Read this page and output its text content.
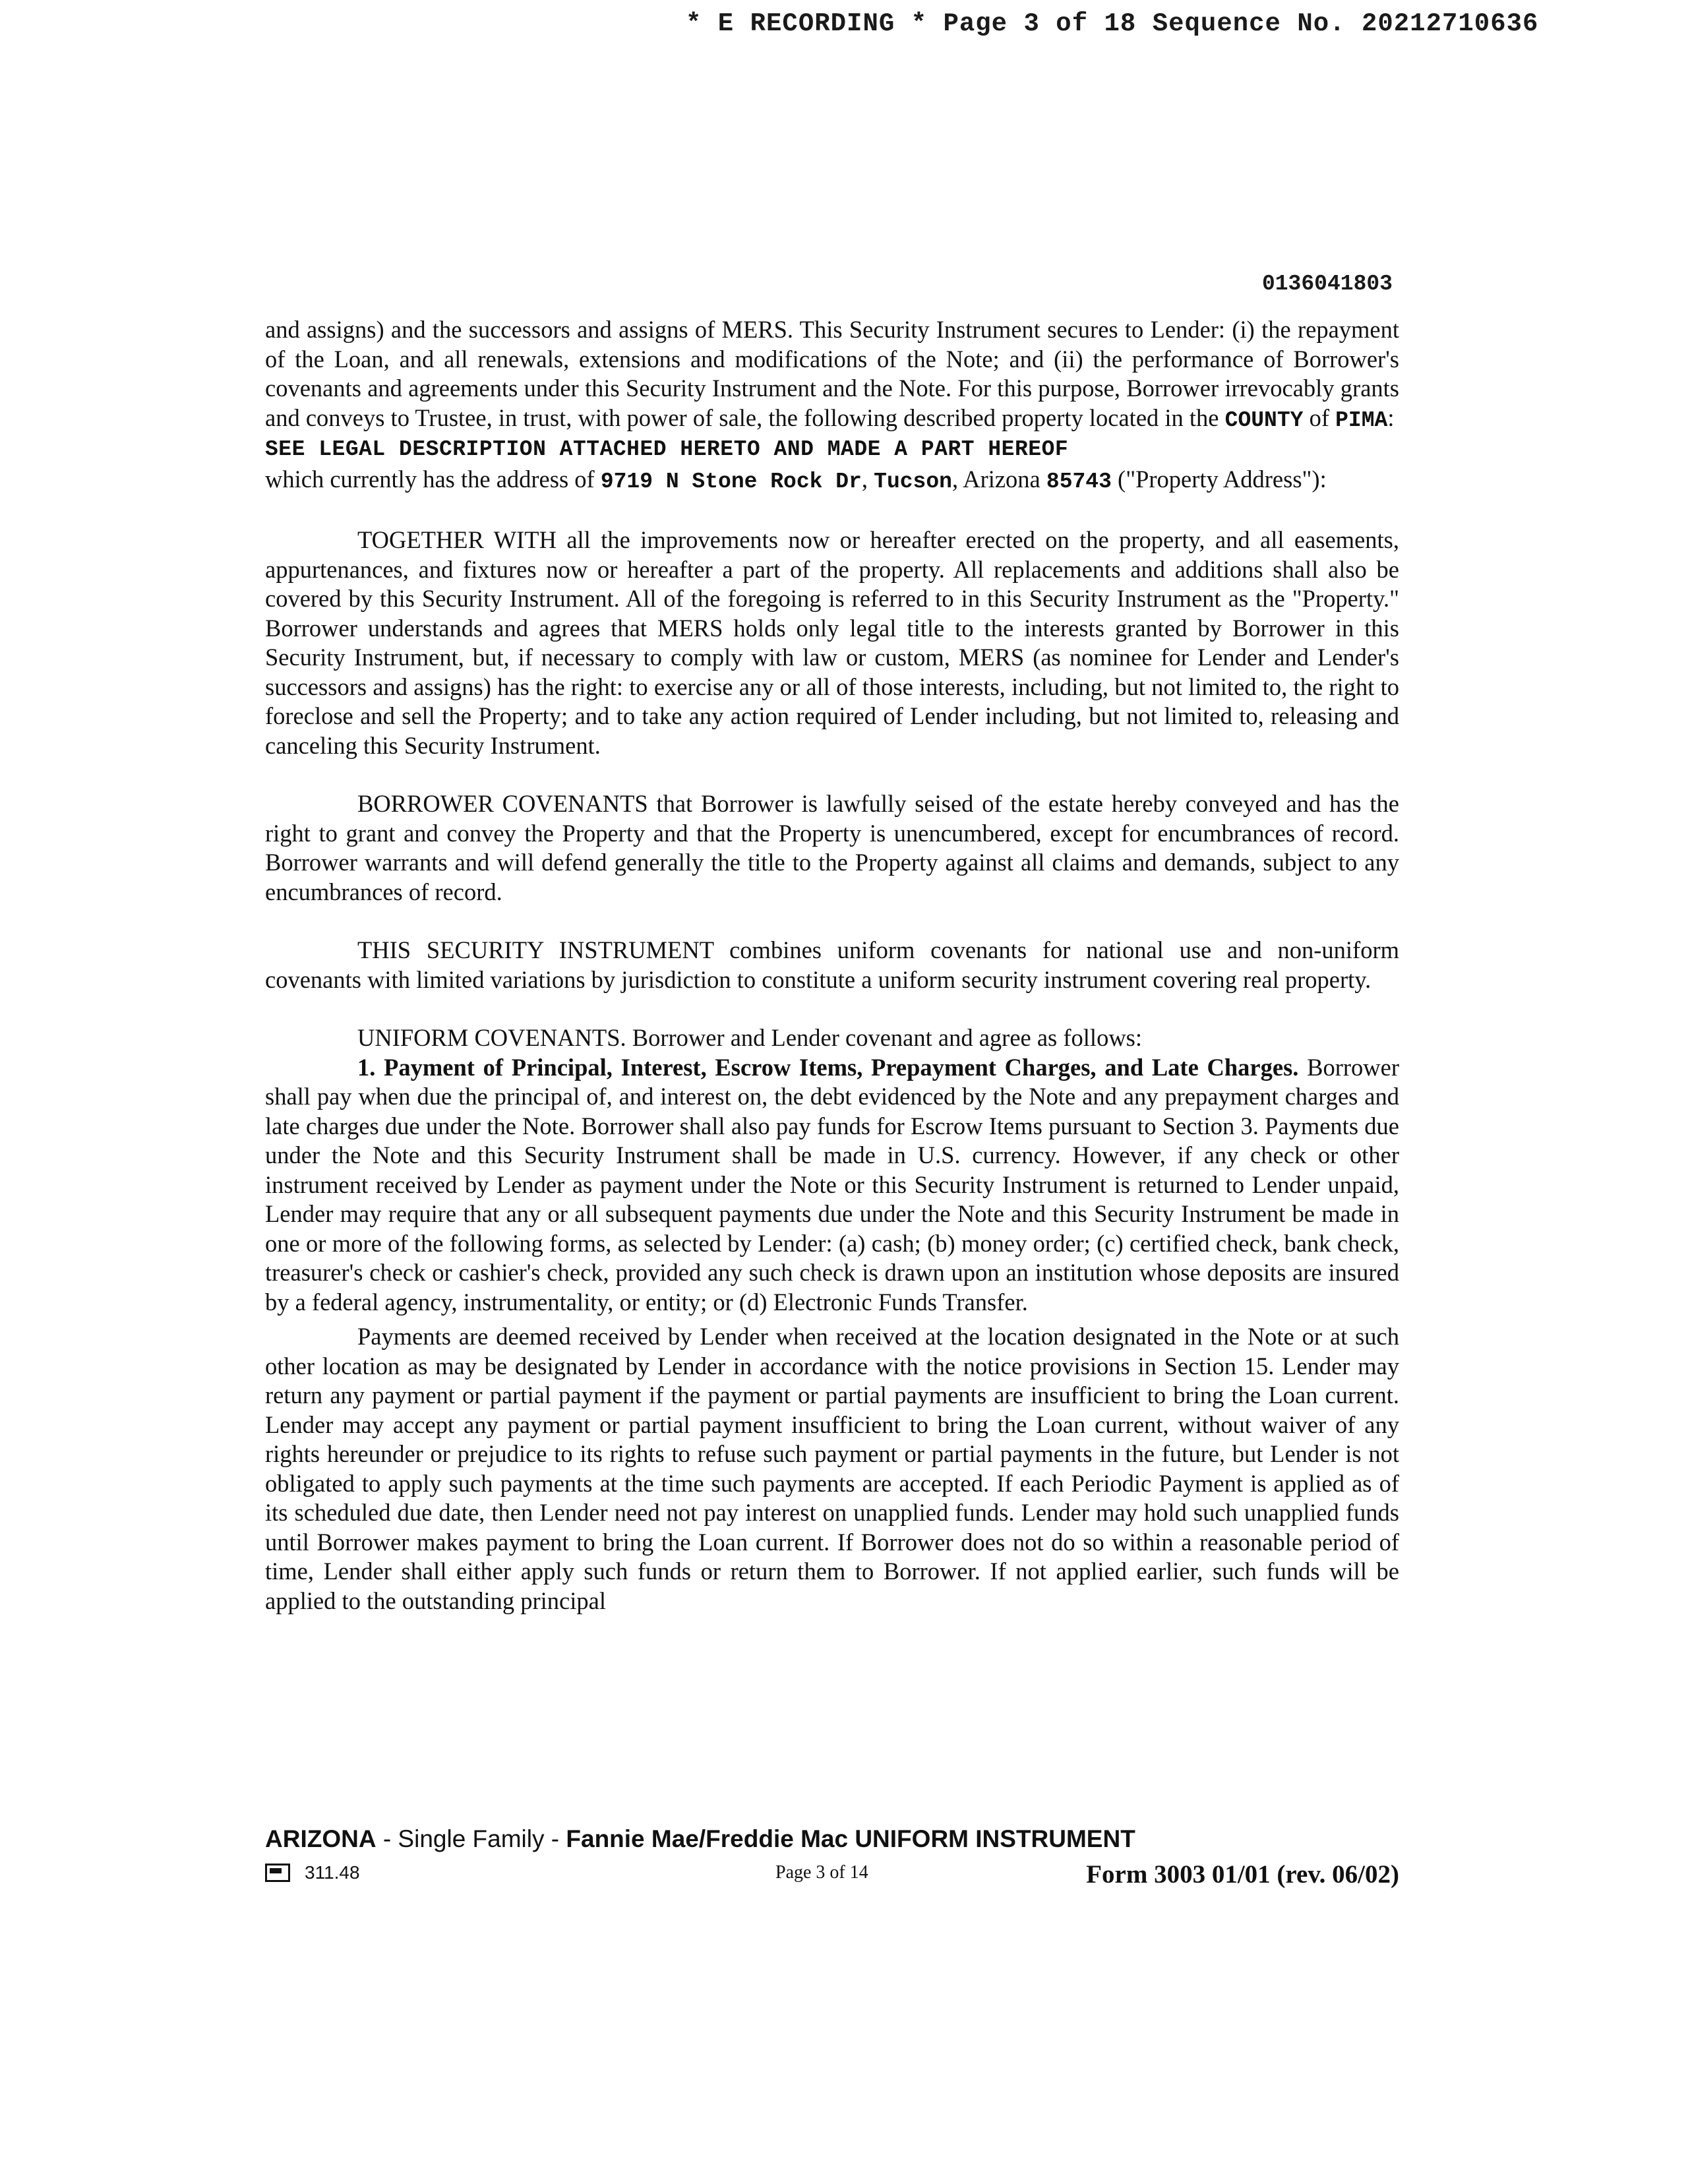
* E RECORDING * Page 3 of 18 Sequence No. 20212710636
0136041803

and assigns) and the successors and assigns of MERS. This Security Instrument secures to Lender: (i) the repayment of the Loan, and all renewals, extensions and modifications of the Note; and (ii) the performance of Borrower's covenants and agreements under this Security Instrument and the Note. For this purpose, Borrower irrevocably grants and conveys to Trustee, in trust, with power of sale, the following described property located in the COUNTY of PIMA:

SEE LEGAL DESCRIPTION ATTACHED HERETO AND MADE A PART HEREOF

which currently has the address of 9719 N Stone Rock Dr, Tucson, Arizona 85743 ("Property Address"):

TOGETHER WITH all the improvements now or hereafter erected on the property, and all easements, appurtenances, and fixtures now or hereafter a part of the property. All replacements and additions shall also be covered by this Security Instrument. All of the foregoing is referred to in this Security Instrument as the "Property." Borrower understands and agrees that MERS holds only legal title to the interests granted by Borrower in this Security Instrument, but, if necessary to comply with law or custom, MERS (as nominee for Lender and Lender's successors and assigns) has the right: to exercise any or all of those interests, including, but not limited to, the right to foreclose and sell the Property; and to take any action required of Lender including, but not limited to, releasing and canceling this Security Instrument.

BORROWER COVENANTS that Borrower is lawfully seised of the estate hereby conveyed and has the right to grant and convey the Property and that the Property is unencumbered, except for encumbrances of record. Borrower warrants and will defend generally the title to the Property against all claims and demands, subject to any encumbrances of record.

THIS SECURITY INSTRUMENT combines uniform covenants for national use and non-uniform covenants with limited variations by jurisdiction to constitute a uniform security instrument covering real property.

UNIFORM COVENANTS. Borrower and Lender covenant and agree as follows:

1. Payment of Principal, Interest, Escrow Items, Prepayment Charges, and Late Charges. Borrower shall pay when due the principal of, and interest on, the debt evidenced by the Note and any prepayment charges and late charges due under the Note. Borrower shall also pay funds for Escrow Items pursuant to Section 3. Payments due under the Note and this Security Instrument shall be made in U.S. currency. However, if any check or other instrument received by Lender as payment under the Note or this Security Instrument is returned to Lender unpaid, Lender may require that any or all subsequent payments due under the Note and this Security Instrument be made in one or more of the following forms, as selected by Lender: (a) cash; (b) money order; (c) certified check, bank check, treasurer's check or cashier's check, provided any such check is drawn upon an institution whose deposits are insured by a federal agency, instrumentality, or entity; or (d) Electronic Funds Transfer.

Payments are deemed received by Lender when received at the location designated in the Note or at such other location as may be designated by Lender in accordance with the notice provisions in Section 15. Lender may return any payment or partial payment if the payment or partial payments are insufficient to bring the Loan current. Lender may accept any payment or partial payment insufficient to bring the Loan current, without waiver of any rights hereunder or prejudice to its rights to refuse such payment or partial payments in the future, but Lender is not obligated to apply such payments at the time such payments are accepted. If each Periodic Payment is applied as of its scheduled due date, then Lender need not pay interest on unapplied funds. Lender may hold such unapplied funds until Borrower makes payment to bring the Loan current. If Borrower does not do so within a reasonable period of time, Lender shall either apply such funds or return them to Borrower. If not applied earlier, such funds will be applied to the outstanding principal

ARIZONA - Single Family - Fannie Mae/Freddie Mac UNIFORM INSTRUMENT
311.48	Page 3 of 14	Form 3003 01/01 (rev. 06/02)
